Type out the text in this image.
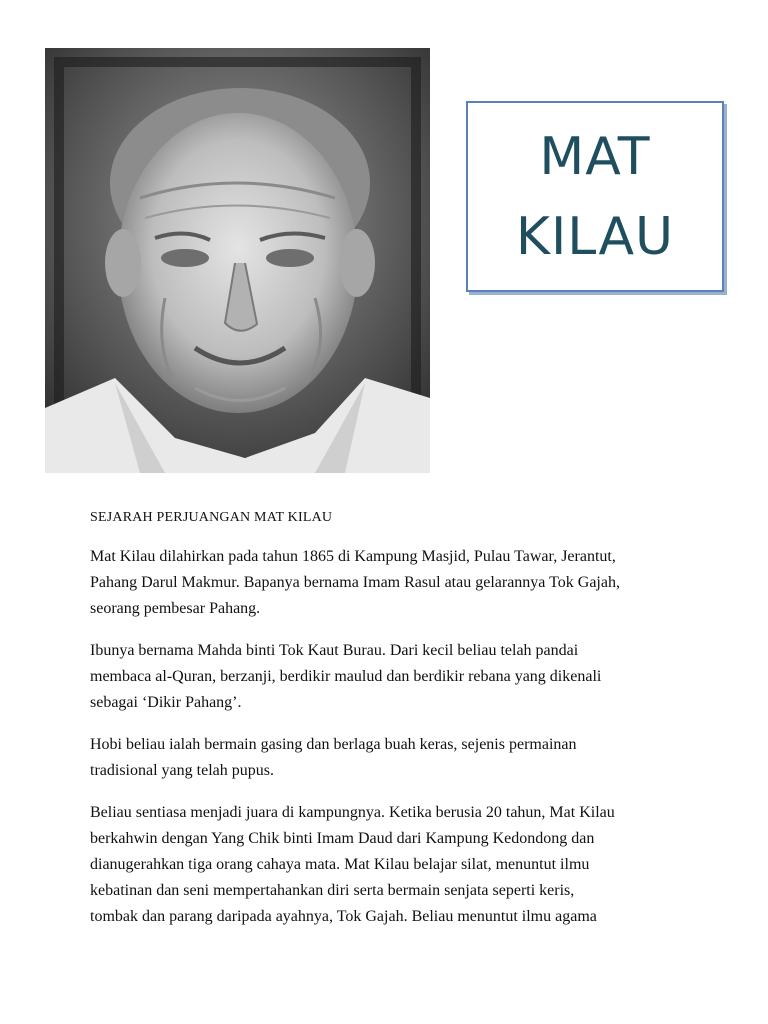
MAT
KILAU
SEJARAH PERJUANGAN MAT KILAU
Mat Kilau dilahirkan pada tahun 1865 di Kampung Masjid, Pulau Tawar, Jerantut,
Pahang Darul Makmur. Bapanya bernama Imam Rasul atau gelarannya Tok Gajah,
seorang pembesar Pahang.
Ibunya bernama Mahda binti Tok Kaut Burau. Dari kecil beliau telah pandai
membaca al-Quran, berzanji, berdikir maulud dan berdikir rebana yang dikenali
sebagai ‘Dikir Pahang’.
Hobi beliau ialah bermain gasing dan berlaga buah keras, sejenis permainan
tradisional yang telah pupus.
Beliau sentiasa menjadi juara di kampungnya. Ketika berusia 20 tahun, Mat Kilau
berkahwin dengan Yang Chik binti Imam Daud dari Kampung Kedondong dan
dianugerahkan tiga orang cahaya mata. Mat Kilau belajar silat, menuntut ilmu
kebatinan dan seni mempertahankan diri serta bermain senjata seperti keris,
tombak dan parang daripada ayahnya, Tok Gajah. Beliau menuntut ilmu agama
